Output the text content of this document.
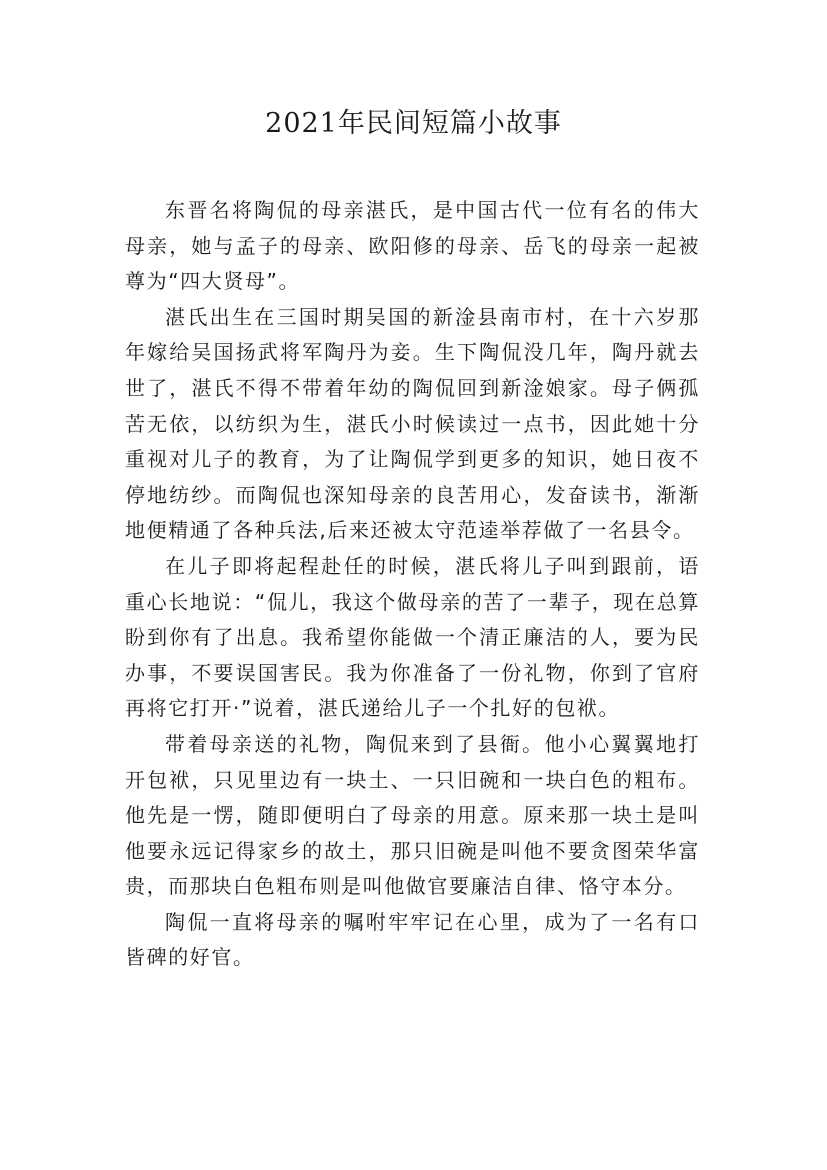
2021年民间短篇小故事

东晋名将陶侃的母亲湛氏，是中国古代一位有名的伟大母亲，她与孟子的母亲、欧阳修的母亲、岳飞的母亲一起被尊为“四大贤母”。

湛氏出生在三国时期吴国的新淦县南市村，在十六岁那年嫁给吴国扬武将军陶丹为妾。生下陶侃没几年，陶丹就去世了，湛氏不得不带着年幼的陶侃回到新淦娘家。母子俩孤苦无依，以纺织为生，湛氏小时候读过一点书，因此她十分重视对儿子的教育，为了让陶侃学到更多的知识，她日夜不停地纺纱。而陶侃也深知母亲的良苦用心，发奋读书，渐渐地便精通了各种兵法,后来还被太守范逵举荐做了一名县令。

在儿子即将起程赴任的时候，湛氏将儿子叫到跟前，语重心长地说：“侃儿，我这个做母亲的苦了一辈子，现在总算盼到你有了出息。我希望你能做一个清正廉洁的人，要为民办事，不要误国害民。我为你准备了一份礼物，你到了官府再将它打开·”说着，湛氏递给儿子一个扎好的包袱。

带着母亲送的礼物，陶侃来到了县衙。他小心翼翼地打开包袱，只见里边有一块土、一只旧碗和一块白色的粗布。他先是一愣，随即便明白了母亲的用意。原来那一块土是叫他要永远记得家乡的故土，那只旧碗是叫他不要贪图荣华富贵，而那块白色粗布则是叫他做官要廉洁自律、恪守本分。

陶侃一直将母亲的嘱咐牢牢记在心里，成为了一名有口皆碑的好官。
